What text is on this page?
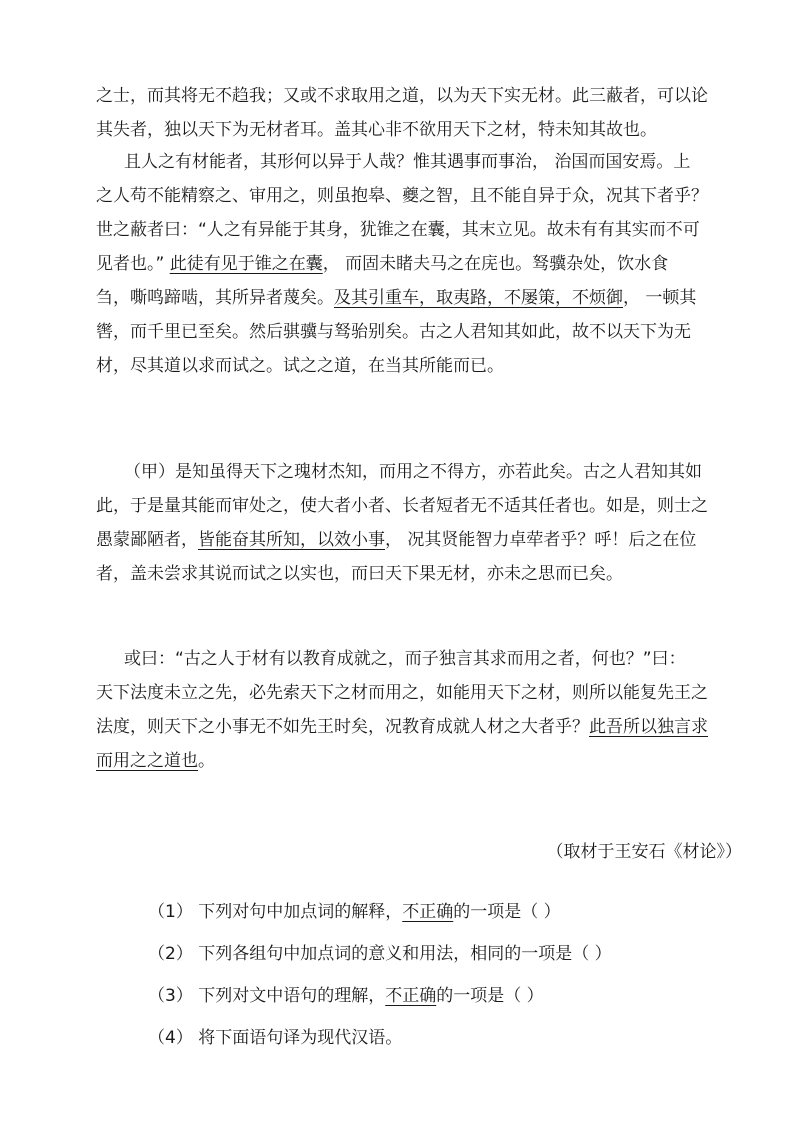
之士，而其将无不趋我；又或不求取用之道，以为天下实无材。此三蔽者，可以论
其失者，独以天下为无材者耳。盖其心非不欲用天下之材，特未知其故也。
且人之有材能者，其形何以异于人哉？惟其遇事而事治， 治国而国安焉。上
之人苟不能精察之、审用之，则虽抱皋、夔之智，且不能自异于众，况其下者乎？
世之蔽者曰：“人之有异能于其身，犹锥之在囊，其末立见。故未有有其实而不可
见者也。” 此徒有见于锥之在囊， 而固未睹夫马之在庑也。驽骥杂处，饮水食
刍，嘶鸣蹄啮，其所异者蔑矣。及其引重车，取夷路，不屡策，不烦御， 一顿其
辔，而千里已至矣。然后骐骥与驽骀别矣。古之人君知其如此，故不以天下为无
材，尽其道以求而试之。试之之道，在当其所能而已。
（甲）是知虽得天下之瑰材杰知，而用之不得方，亦若此矣。古之人君知其如
此，于是量其能而审处之，使大者小者、长者短者无不适其任者也。如是，则士之
愚蒙鄙陋者，皆能奋其所知，以效小事， 况其贤能智力卓荦者乎？呼！后之在位
者，盖未尝求其说而试之以实也，而曰天下果无材，亦未之思而已矣。
或曰：“古之人于材有以教育成就之，而子独言其求而用之者，何也？”曰：
天下法度未立之先，必先索天下之材而用之，如能用天下之材，则所以能复先王之
法度，则天下之小事无不如先王时矣，况教育成就人材之大者乎？此吾所以独言求
而用之之道也。
（取材于王安石《材论》）
（1） 下列对句中加点词的解释，不正确的一项是（ ）
（2） 下列各组句中加点词的意义和用法，相同的一项是（ ）
（3） 下列对文中语句的理解，不正确的一项是（ ）
（4） 将下面语句译为现代汉语。
